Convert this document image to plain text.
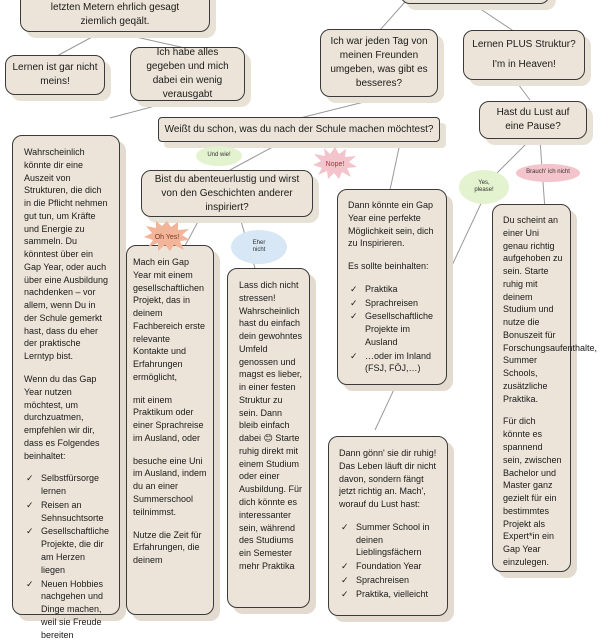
letzten Metern ehrlich gesagt ziemlich geqält.
Lernen ist gar nicht meins!
Ich habe alles gegeben und mich dabei ein wenig verausgabt
Ich war jeden Tag von meinen Freunden umgeben, was gibt es besseres?
Lernen PLUS Struktur?
I'm in Heaven!
Hast du Lust auf eine Pause?
Weißt du schon, was du nach der Schule machen möchtest?
Bist du abenteuerlustig und wirst von den Geschichten anderer inspiriert?

Wahrscheinlich könnte dir eine Auszeit von Strukturen, die dich in die Pflicht nehmen gut tun, um Kräfte und Energie zu sammeln. Du könntest über ein Gap Year, oder auch über eine Ausbildung nachdenken – vor allem, wenn Du in der Schule gemerkt hast, dass du eher der praktische Lerntyp bist.

Wenn du das Gap Year nutzen möchtest, um durchzuatmen, empfehlen wir dir, dass es Folgendes beinhaltet:

✓ Selbstfürsorge lernen
✓ Reisen an Sehnsuchtsorte
✓ Gesellschaftliche Projekte, die dir am Herzen liegen
✓ Neuen Hobbies nachgehen und Dinge machen, weil sie Freude bereiten

Mach ein Gap Year mit einem gesellschaftlichen Projekt, das in deinem Fachbereich erste relevante Kontakte und Erfahrungen ermöglicht,

mit einem Praktikum oder einer Sprachreise im Ausland, oder

besuche eine Uni im Ausland, indem du an einer Summerschool teilnimmst.

Nutze die Zeit für Erfahrungen, die deinem

Lass dich nicht stressen! Wahrscheinlich hast du einfach dein gewohntes Umfeld genossen und magst es lieber, in einer festen Struktur zu sein. Dann bleib einfach dabei 😊 Starte ruhig direkt mit einem Studium oder einer Ausbildung. Für dich könnte es interessanter sein, während des Studiums ein Semester mehr Praktika

Dann könnte ein Gap Year eine perfekte Möglichkeit sein, dich zu Inspirieren.

Es sollte beinhalten:

✓ Praktika
✓ Sprachreisen
✓ Gesellschaftliche Projekte im Ausland
✓ …oder im Inland (FSJ, FÖJ,…)

Dann gönn' sie dir ruhig! Das Leben läuft dir nicht davon, sondern fängt jetzt richtig an. Mach', worauf du Lust hast:

✓ Summer School in deinen Lieblingsfächern
✓ Foundation Year
✓ Sprachreisen
✓ Praktika, vielleicht

Du scheint an einer Uni genau richtig aufgehoben zu sein. Starte ruhig mit deinem Studium und nutze die Bonuszeit für Forschungsaufenthalte, Summer Schools, zusätzliche Praktika.

Für dich könnte es spannend sein, zwischen Bachelor und Master ganz gezielt für ein bestimmtes Projekt als Expert*in ein Gap Year einzulegen.

Und wie!
Nope!
Oh Yes!
Eher
nicht
Yes,
please!
Brauch' ich nicht
